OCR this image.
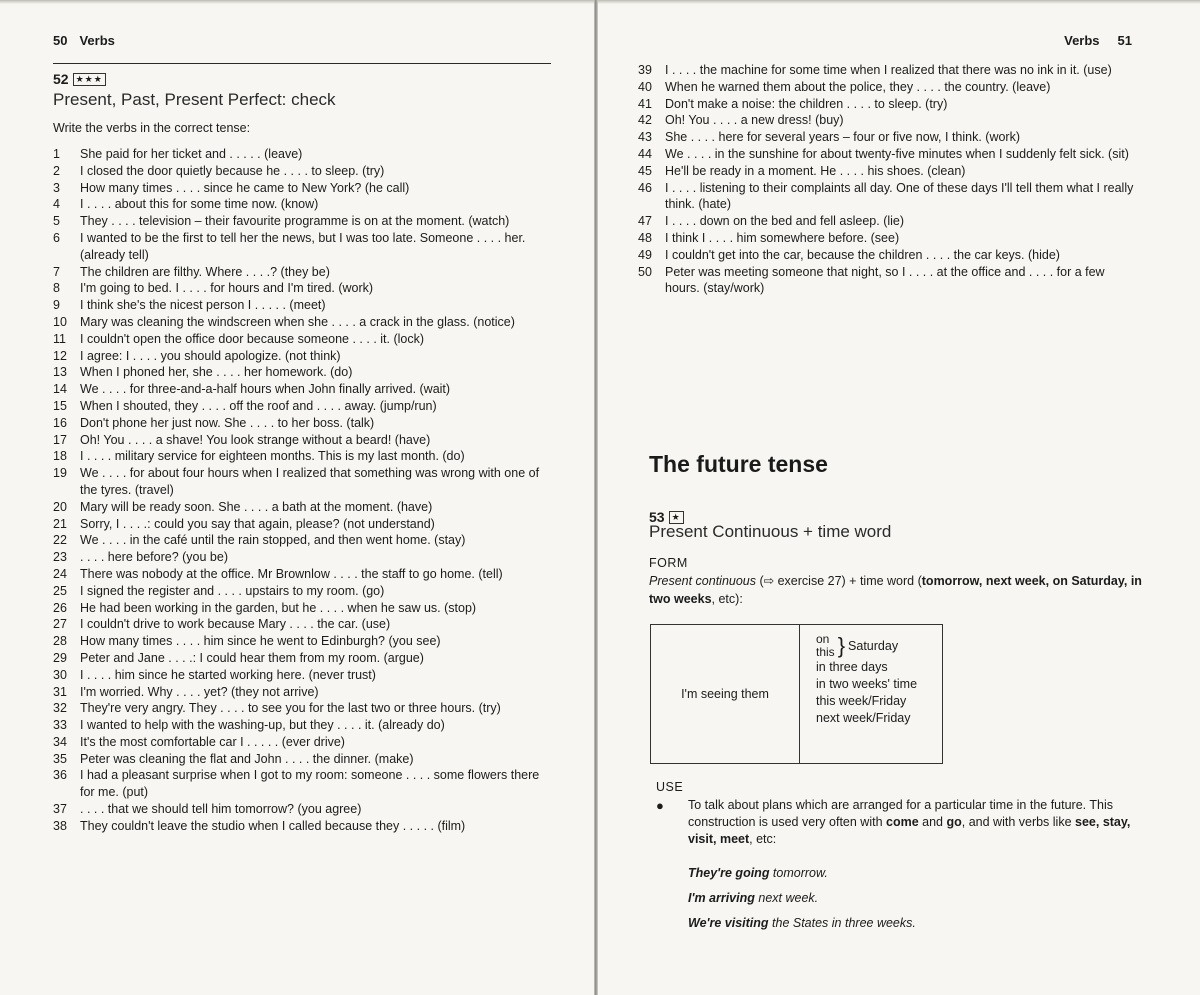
50 Verbs
52 ★★★
Present, Past, Present Perfect: check
Write the verbs in the correct tense:
1	She paid for her ticket and . . . . . (leave)
2	I closed the door quietly because he . . . . to sleep. (try)
3	How many times . . . . since he came to New York? (he call)
4	I . . . . about this for some time now. (know)
5	They . . . . television – their favourite programme is on at the moment. (watch)
6	I wanted to be the first to tell her the news, but I was too late. Someone . . . . her. (already tell)
7	The children are filthy. Where . . . .? (they be)
8	I'm going to bed. I . . . . for hours and I'm tired. (work)
9	I think she's the nicest person I . . . . . (meet)
10	Mary was cleaning the windscreen when she . . . . a crack in the glass. (notice)
11	I couldn't open the office door because someone . . . . it. (lock)
12	I agree: I . . . . you should apologize. (not think)
13	When I phoned her, she . . . . her homework. (do)
14	We . . . . for three-and-a-half hours when John finally arrived. (wait)
15	When I shouted, they . . . . off the roof and . . . . away. (jump/run)
16	Don't phone her just now. She . . . . to her boss. (talk)
17	Oh! You . . . . a shave! You look strange without a beard! (have)
18	I . . . . military service for eighteen months. This is my last month. (do)
19	We . . . . for about four hours when I realized that something was wrong with one of the tyres. (travel)
20	Mary will be ready soon. She . . . . a bath at the moment. (have)
21	Sorry, I . . . .: could you say that again, please? (not understand)
22	We . . . . in the café until the rain stopped, and then went home. (stay)
23	. . . . here before? (you be)
24	There was nobody at the office. Mr Brownlow . . . . the staff to go home. (tell)
25	I signed the register and . . . . upstairs to my room. (go)
26	He had been working in the garden, but he . . . . when he saw us. (stop)
27	I couldn't drive to work because Mary . . . . the car. (use)
28	How many times . . . . him since he went to Edinburgh? (you see)
29	Peter and Jane . . . .: I could hear them from my room. (argue)
30	I . . . . him since he started working here. (never trust)
31	I'm worried. Why . . . . yet? (they not arrive)
32	They're very angry. They . . . . to see you for the last two or three hours. (try)
33	I wanted to help with the washing-up, but they . . . . it. (already do)
34	It's the most comfortable car I . . . . . (ever drive)
35	Peter was cleaning the flat and John . . . . the dinner. (make)
36	I had a pleasant surprise when I got to my room: someone . . . . some flowers there for me. (put)
37	. . . . that we should tell him tomorrow? (you agree)
38	They couldn't leave the studio when I called because they . . . . . (film)
Verbs 51
39	I . . . . the machine for some time when I realized that there was no ink in it. (use)
40	When he warned them about the police, they . . . . the country. (leave)
41	Don't make a noise: the children . . . . to sleep. (try)
42	Oh! You . . . . a new dress! (buy)
43	She . . . . here for several years – four or five now, I think. (work)
44	We . . . . in the sunshine for about twenty-five minutes when I suddenly felt sick. (sit)
45	He'll be ready in a moment. He . . . . his shoes. (clean)
46	I . . . . listening to their complaints all day. One of these days I'll tell them what I really think. (hate)
47	I . . . . down on the bed and fell asleep. (lie)
48	I think I . . . . him somewhere before. (see)
49	I couldn't get into the car, because the children . . . . the car keys. (hide)
50	Peter was meeting someone that night, so I . . . . at the office and . . . . for a few hours. (stay/work)
The future tense
53 ★
Present Continuous + time word
FORM
Present continuous (⇨ exercise 27) + time word (tomorrow, next week, on Saturday, in two weeks, etc):
I'm seeing them
on
this } Saturday
in three days
in two weeks' time
this week/Friday
next week/Friday
USE
●	To talk about plans which are arranged for a particular time in the future. This construction is used very often with come and go, and with verbs like see, stay, visit, meet, etc:
They're going tomorrow.
I'm arriving next week.
We're visiting the States in three weeks.
